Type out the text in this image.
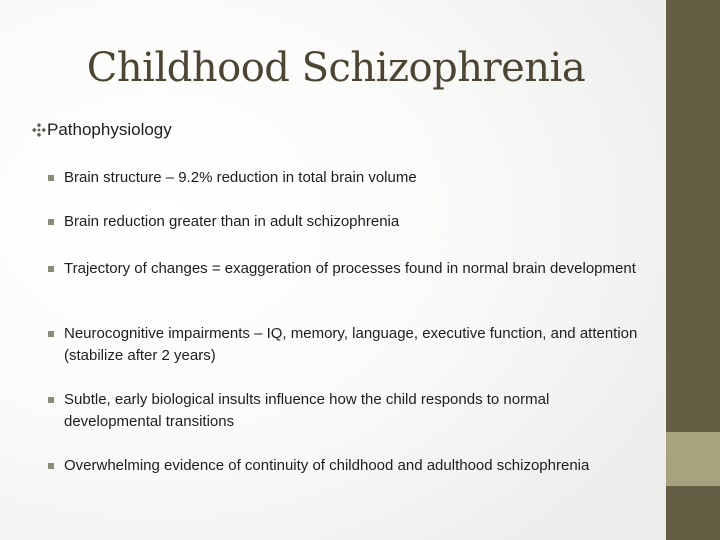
Childhood Schizophrenia
Pathophysiology
Brain structure – 9.2% reduction in total brain volume
Brain reduction greater than in adult schizophrenia
Trajectory of changes = exaggeration of processes found in normal brain development
Neurocognitive impairments – IQ, memory, language, executive function, and attention (stabilize after 2 years)
Subtle, early biological insults influence how the child responds to normal developmental transitions
Overwhelming evidence of continuity of childhood and adulthood schizophrenia
